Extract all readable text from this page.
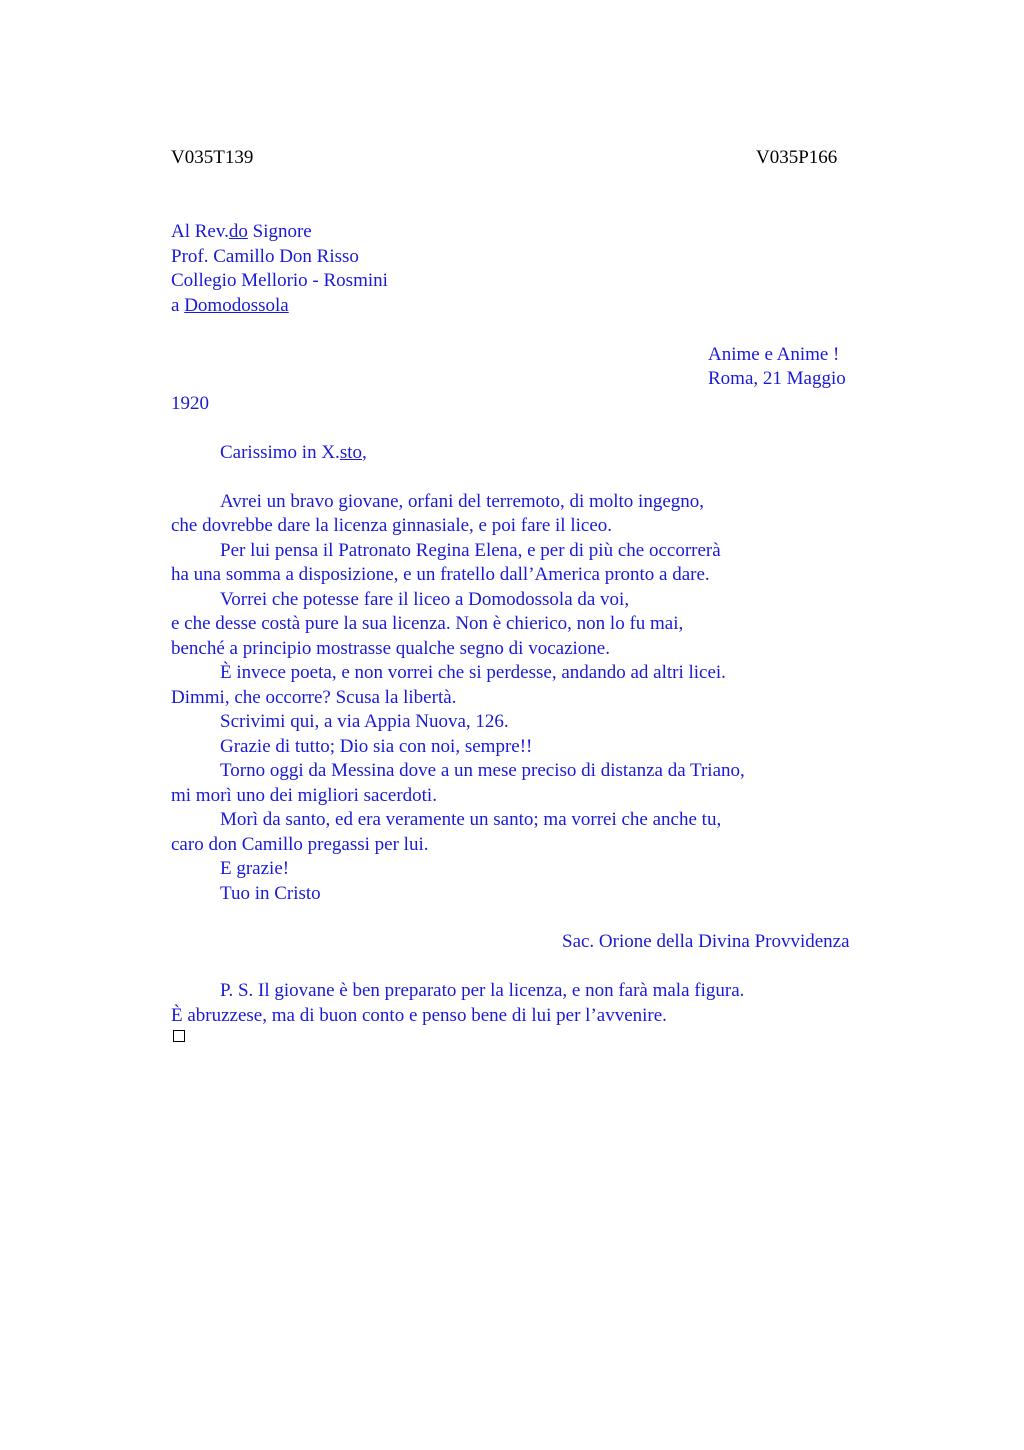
V035T139	V035P166
Al Rev.do Signore
Prof. Camillo Don Risso
Collegio Mellorio - Rosmini
a Domodossola
Anime e Anime !
Roma, 21 Maggio
1920
Carissimo in X.sto,
Avrei un bravo giovane, orfani del terremoto, di molto ingegno,
che dovrebbe dare la licenza ginnasiale, e poi fare il liceo.
Per lui pensa il Patronato Regina Elena, e per di più che occorrerà
ha una somma a disposizione, e un fratello dall’America pronto a dare.
Vorrei che potesse fare il liceo a Domodossola da voi,
e che desse costà pure la sua licenza. Non è chierico, non lo fu mai,
benché a principio mostrasse qualche segno di vocazione.
È invece poeta, e non vorrei che si perdesse, andando ad altri licei.
Dimmi, che occorre? Scusa la libertà.
Scrivimi qui, a via Appia Nuova, 126.
Grazie di tutto; Dio sia con noi, sempre!!
Torno oggi da Messina dove a un mese preciso di distanza da Triano,
mi morì uno dei migliori sacerdoti.
Morì da santo, ed era veramente un santo; ma vorrei che anche tu,
caro don Camillo pregassi per lui.
E grazie!
Tuo in Cristo
Sac. Orione della Divina Provvidenza
P. S. Il giovane è ben preparato per la licenza, e non farà mala figura.
È abruzzese, ma di buon conto e penso bene di lui per l’avvenire.
